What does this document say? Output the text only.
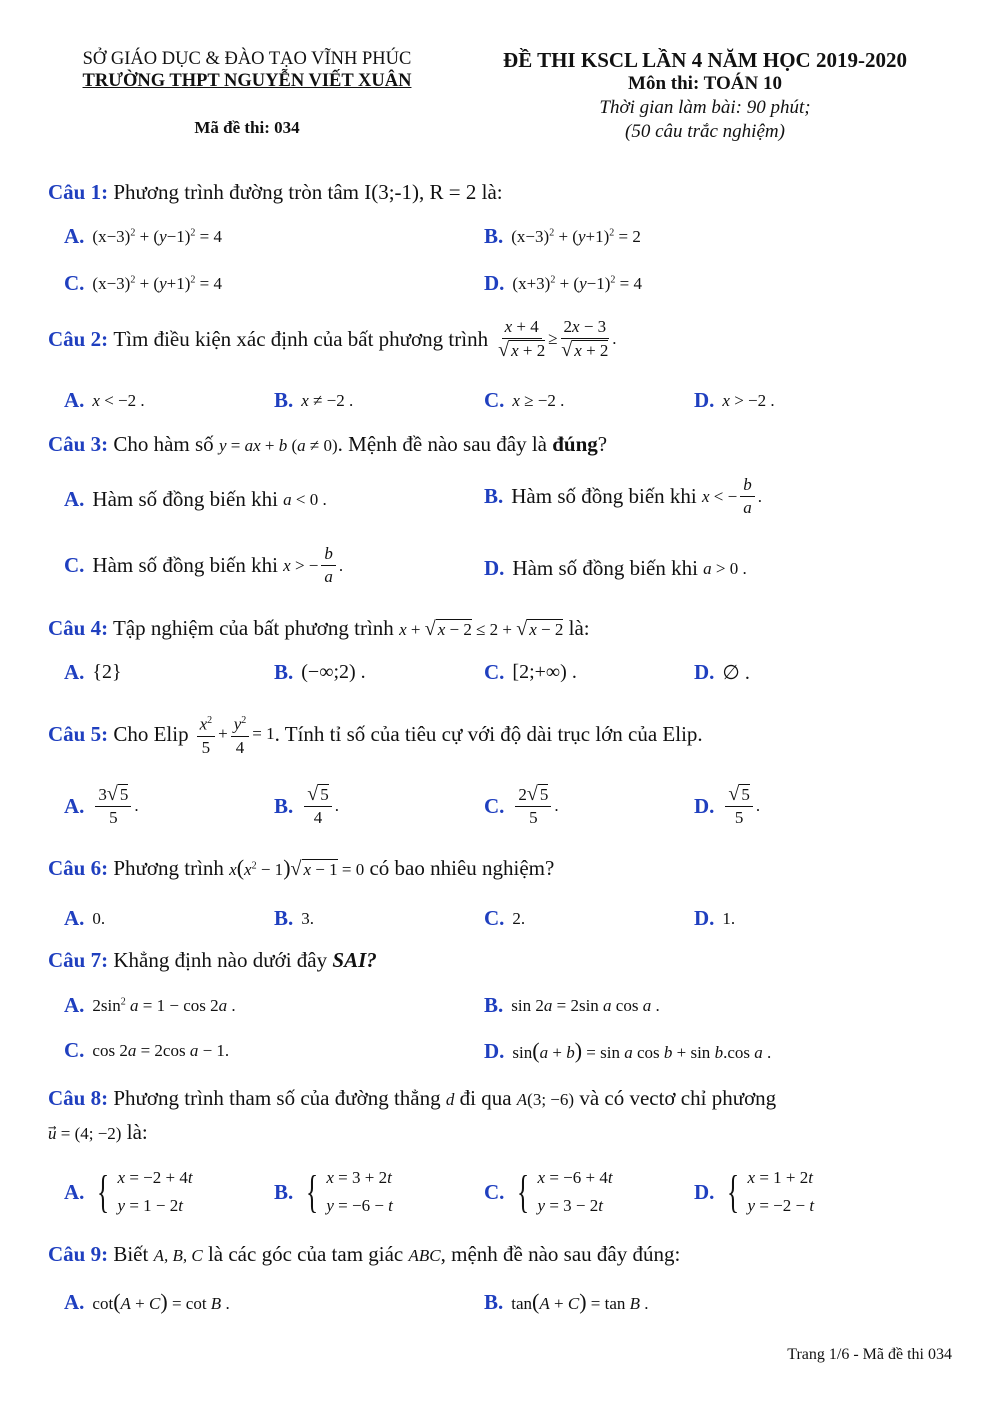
SỞ GIÁO DỤC & ĐÀO TẠO VĨNH PHÚC
TRƯỜNG THPT NGUYỄN VIẾT XUÂN
Mã đề thi: 034
ĐỀ THI KSCL LẦN 4 NĂM HỌC 2019-2020
Môn thi: TOÁN 10
Thời gian làm bài: 90 phút;
(50 câu trắc nghiệm)
Câu 1: Phương trình đường tròn tâm I(3;-1), R = 2 là:
A. $(x-3)^2 + (y-1)^2 = 4$	B. $(x-3)^2 + (y+1)^2 = 2$
C. $(x-3)^2 + (y+1)^2 = 4$	D. $(x+3)^2 + (y-1)^2 = 4$
Câu 2:
Tìm điều kiện xác định của bất phương trình $\frac{x + 4}{√ x + 2} \ge \frac{2x - 3}{√ x + 2}$ .
A. x < −2 .	B. x ≠ −2 .	C. x ≥ −2 .	D. x > −2 .
Câu 3: Cho hàm số y = ax + b (a ≠ 0). Mệnh đề nào sau đây là đúng?
A. Hàm số đồng biến khi
a < 0 .	B. Hàm số đồng biến khi
x < − $\frac{b}{a}$ .
C. Hàm số đồng biến khi
x > − $\frac{b}{a}$ .	D. Hàm số đồng biến khi
a > 0 .
Câu 4: Tập nghiệm của bất phương trình x + √ x − 2 ≤ 2 + √ x − 2 là:
A. {2}	B. (−∞;2) .	C. [2;+∞) .	D. ∅ .
Câu 5:
Cho Elip $\frac{x^2}{5} + \frac{y^2}{4} = 1$ . Tính tỉ số của tiêu cự với độ dài trục lớn của Elip.
A. $\frac{3√ 5}{5}$ .	B. $\frac{√ 5}{4}$ .	C. $\frac{2√ 5}{5}$ .	D. $\frac{√ 5}{5}$ .
Câu 6: Phương trình $x(x^2 - 1)√$ x − 1 = 0 có bao nhiêu nghiệm?
A. 0.	B. 3.	C. 2.	D. 1.
Câu 7: Khẳng định nào dưới đây SAI?
A. $2\sin^2$ a = 1 − cos 2a .	B. sin 2a = 2sin a cos a .
C. cos 2a = 2cos a − 1.	D. sin(a + b) = sin a cos b + sin b.cos a .
Câu 8: Phương trình tham số của đường thẳng d đi qua A(3; −6) và có vectơ chỉ phương
u⃗ = (4; −2) là:
A. { x = −2 + 4t
y = 1 − 2t
B. { x = 3 + 2t
y = −6 − t
C. { x = −6 + 4t
y = 3 − 2t
D. { x = 1 + 2t
y = −2 − t
Câu 9: Biết A, B, C là các góc của tam giác ABC, mệnh đề nào sau đây đúng:
A. cot(A + C) = cot B .	B. tan(A + C) = tan B .
Trang 1/6 - Mã đề thi 034
